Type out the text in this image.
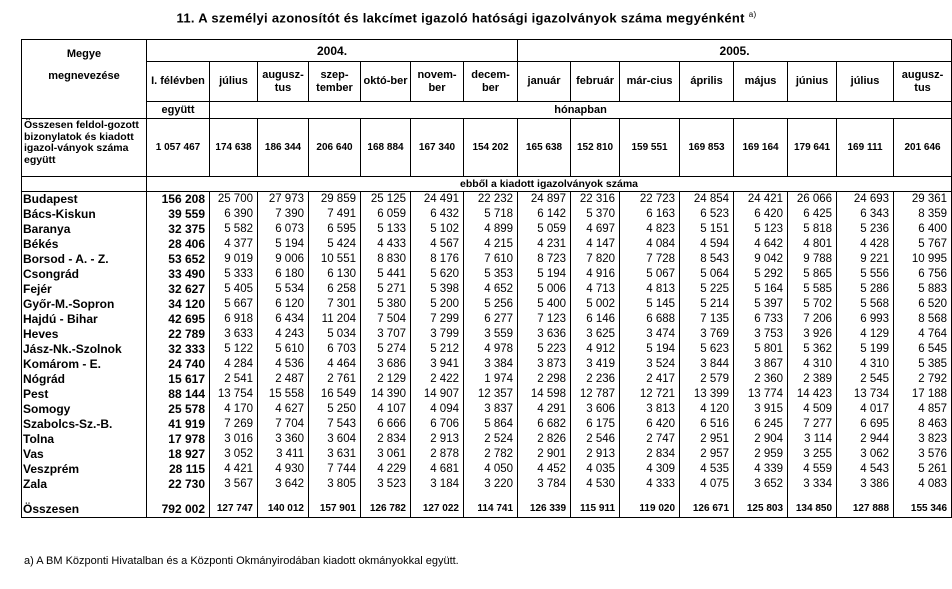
11. A személyi azonosítót és lakcímet igazoló hatósági igazolványok száma megyénként $^{a)}$
Megye
megnevezése	2004.							2005.							
	I. félévben	július	augusz-tus	szep-tember	októ-ber	novem-ber	decem-ber	január	február	már-cius	április	május	június	július	augusz-tus
	együtt	hónapban													
Összesen feldol-gozott bizonylatok és kiadott igazol-ványok száma együtt	1 057 467	174 638	186 344	206 640	168 884	167 340	154 202	165 638	152 810	159 551	169 853	169 164	179 641	169 111	201 646
	ebből a kiadott igazolványok száma														
Budapest	156 208	25 700	27 973	29 859	25 125	24 491	22 232	24 897	22 316	22 723	24 854	24 421	26 066	24 693	29 361
Bács-Kiskun	39 559	6 390	7 390	7 491	6 059	6 432	5 718	6 142	5 370	6 163	6 523	6 420	6 425	6 343	8 359
Baranya	32 375	5 582	6 073	6 595	5 133	5 102	4 899	5 059	4 697	4 823	5 151	5 123	5 818	5 236	6 400
Békés	28 406	4 377	5 194	5 424	4 433	4 567	4 215	4 231	4 147	4 084	4 594	4 642	4 801	4 428	5 767
Borsod - A. - Z.	53 652	9 019	9 006	10 551	8 830	8 176	7 610	8 723	7 820	7 728	8 543	9 042	9 788	9 221	10 995
Csongrád	33 490	5 333	6 180	6 130	5 441	5 620	5 353	5 194	4 916	5 067	5 064	5 292	5 865	5 556	6 756
Fejér	32 627	5 405	5 534	6 258	5 271	5 398	4 652	5 006	4 713	4 813	5 225	5 164	5 585	5 286	5 883
Győr-M.-Sopron	34 120	5 667	6 120	7 301	5 380	5 200	5 256	5 400	5 002	5 145	5 214	5 397	5 702	5 568	6 520
Hajdú - Bihar	42 695	6 918	6 434	11 204	7 504	7 299	6 277	7 123	6 146	6 688	7 135	6 733	7 206	6 993	8 568
Heves	22 789	3 633	4 243	5 034	3 707	3 799	3 559	3 636	3 625	3 474	3 769	3 753	3 926	4 129	4 764
Jász-Nk.-Szolnok	32 333	5 122	5 610	6 703	5 274	5 212	4 978	5 223	4 912	5 194	5 623	5 801	5 362	5 199	6 545
Komárom - E.	24 740	4 284	4 536	4 464	3 686	3 941	3 384	3 873	3 419	3 524	3 844	3 867	4 310	4 310	5 385
Nógrád	15 617	2 541	2 487	2 761	2 129	2 422	1 974	2 298	2 236	2 417	2 579	2 360	2 389	2 545	2 792
Pest	88 144	13 754	15 558	16 549	14 390	14 907	12 357	14 598	12 787	12 721	13 399	13 774	14 423	13 734	17 188
Somogy	25 578	4 170	4 627	5 250	4 107	4 094	3 837	4 291	3 606	3 813	4 120	3 915	4 509	4 017	4 857
Szabolcs-Sz.-B.	41 919	7 269	7 704	7 543	6 666	6 706	5 864	6 682	6 175	6 420	6 516	6 245	7 277	6 695	8 463
Tolna	17 978	3 016	3 360	3 604	2 834	2 913	2 524	2 826	2 546	2 747	2 951	2 904	3 114	2 944	3 823
Vas	18 927	3 052	3 411	3 631	3 061	2 878	2 782	2 901	2 913	2 834	2 957	2 959	3 255	3 062	3 576
Veszprém	28 115	4 421	4 930	7 744	4 229	4 681	4 050	4 452	4 035	4 309	4 535	4 339	4 559	4 543	5 261
Zala	22 730	3 567	3 642	3 805	3 523	3 184	3 220	3 784	4 530	4 333	4 075	3 652	3 334	3 386	4 083

Összesen	792 002	127 747	140 012	157 901	126 782	127 022	114 741	126 339	115 911	119 020	126 671	125 803	134 850	127 888	155 346
a) A BM Központi Hivatalban és a Központi Okmányirodában kiadott okmányokkal együtt.
